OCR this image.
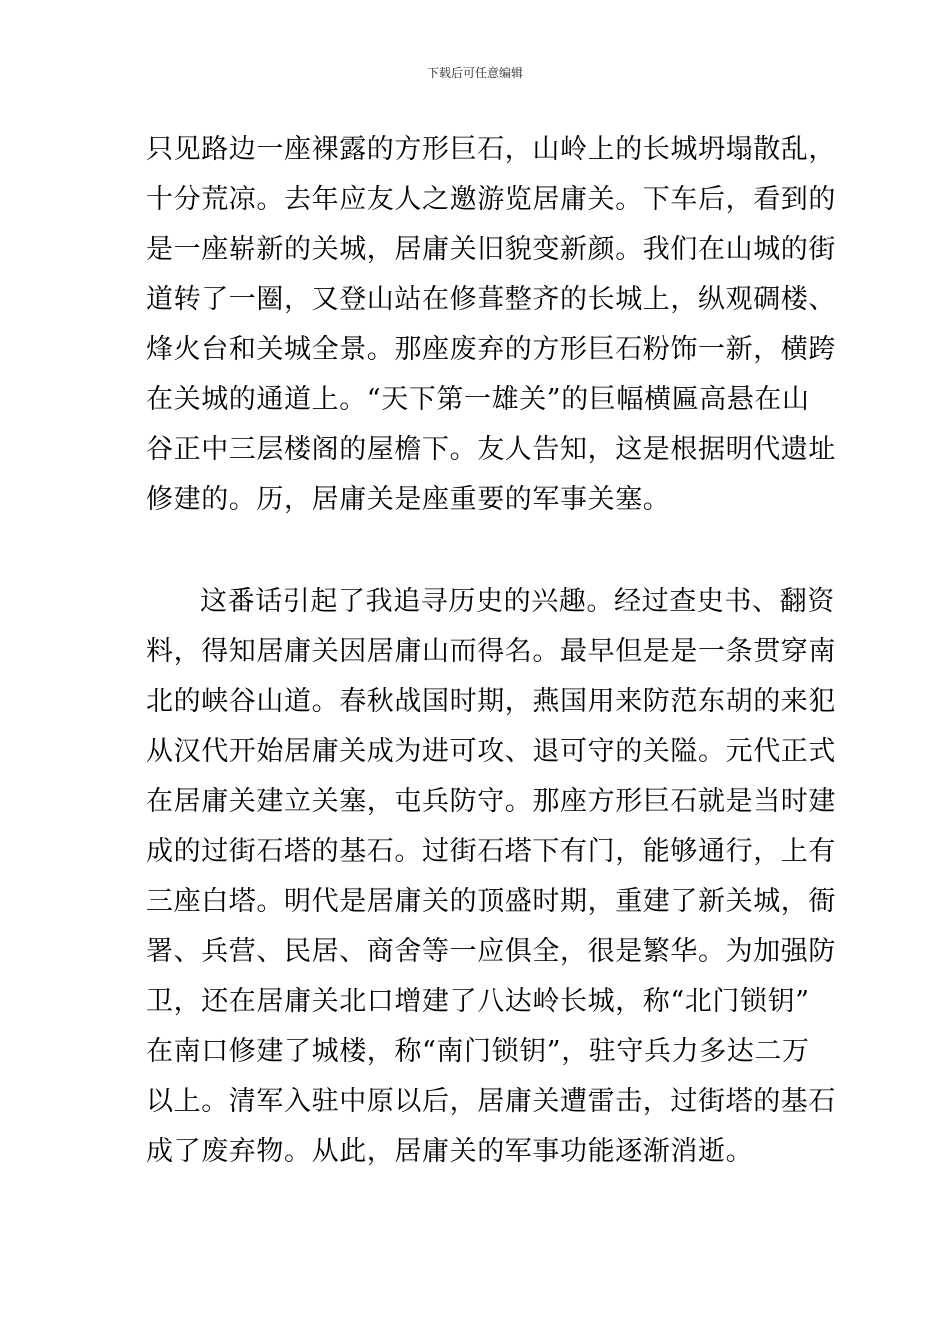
下载后可任意编辑
只见路边一座裸露的方形巨石，山岭上的长城坍塌散乱，
十分荒凉。去年应友人之邀游览居庸关。下车后，看到的
是一座崭新的关城，居庸关旧貌变新颜。我们在山城的街
道转了一圈，又登山站在修葺整齐的长城上，纵观碉楼、
烽火台和关城全景。那座废弃的方形巨石粉饰一新，横跨
在关城的通道上。“天下第一雄关”的巨幅横匾高悬在山
谷正中三层楼阁的屋檐下。友人告知，这是根据明代遗址
修建的。历，居庸关是座重要的军事关塞。
这番话引起了我追寻历史的兴趣。经过查史书、翻资
料，得知居庸关因居庸山而得名。最早但是是一条贯穿南
北的峡谷山道。春秋战国时期，燕国用来防范东胡的来犯
从汉代开始居庸关成为进可攻、退可守的关隘。元代正式
在居庸关建立关塞，屯兵防守。那座方形巨石就是当时建
成的过街石塔的基石。过街石塔下有门，能够通行，上有
三座白塔。明代是居庸关的顶盛时期，重建了新关城，衙
署、兵营、民居、商舍等一应俱全，很是繁华。为加强防
卫，还在居庸关北口增建了八达岭长城，称“北门锁钥”
在南口修建了城楼，称“南门锁钥”，驻守兵力多达二万
以上。清军入驻中原以后，居庸关遭雷击，过街塔的基石
成了废弃物。从此，居庸关的军事功能逐渐消逝。
